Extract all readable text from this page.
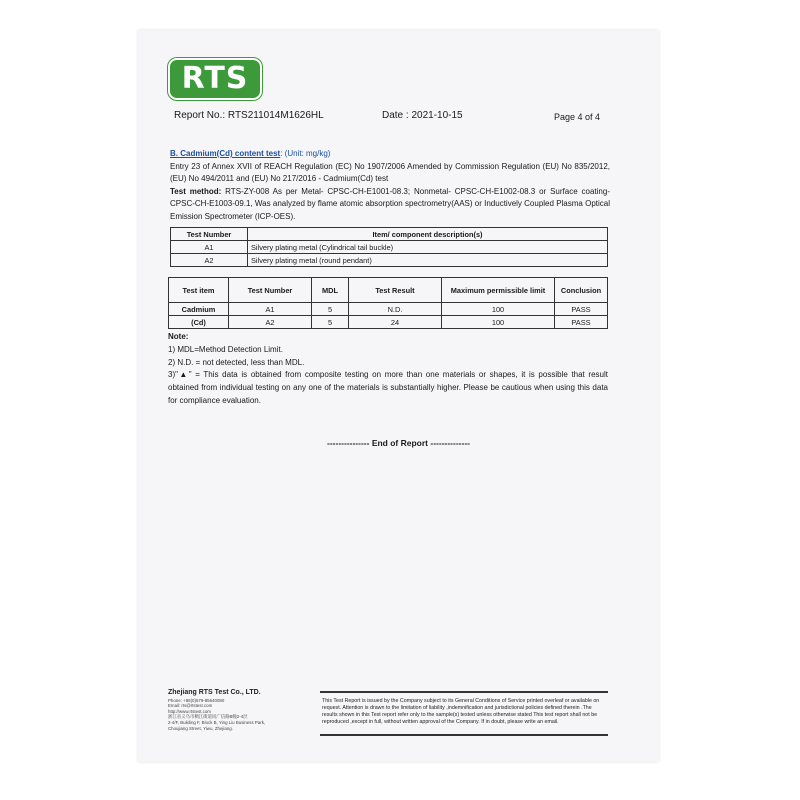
RTS
Report No.: RTS211014M1626HL	Date : 2021-10-15	Page 4 of 4
B. Cadmium(Cd) content test: (Unit: mg/kg)
Entry 23 of Annex XVII of REACH Regulation (EC) No 1907/2006 Amended by Commission Regulation (EU) No 835/2012, (EU) No 494/2011 and (EU) No 217/2016 - Cadmium(Cd) test
Test method: RTS-ZY-008 As per Metal- CPSC-CH-E1001-08.3; Nonmetal- CPSC-CH-E1002-08.3 or Surface coating- CPSC-CH-E1003-09.1, Was analyzed by flame atomic absorption spectrometry(AAS) or Inductively Coupled Plasma Optical Emission Spectrometer (ICP-OES).
Test Number	Item/ component description(s)
A1	Silvery plating metal (Cylindrical tail buckle)
A2	Silvery plating metal (round pendant)
Test item	Test Number	MDL	Test Result	Maximum permissible limit	Conclusion
Cadmium	A1	5	N.D.	100	PASS
(Cd)	A2	5	24	100	PASS
Note:
1) MDL=Method Detection Limit.
2) N.D. = not detected, less than MDL.
3)"▲" = This data is obtained from composite testing on more than one materials or shapes, it is possible that result obtained from individual testing on any one of the materials is substantially higher. Please be cautious when using this data for compliance evaluation.
--------------- End of Report --------------
Zhejiang RTS Test Co., LTD.
Phone: +86(0)579-85640080
Email: rts@rtstest.com
http://www.rtstest.com
浙江省义乌市稠江街道同广信路B幢2-4层
2-4/F, Building F, Block B, Ying Liu Business Park,
Choujiang Street, Yiwu, Zhejiang.
This Test Report is issued by the Company subject to its General Conditions of Service printed overleaf or available on request. Attention is drawn to the limitation of liability ,indemnification and jurisdictional policies defined therein .The results shown in this Test report refer only to the sample(s) tested unless otherwise stated This test report shall not be reproduced ,except in full, without written approval of the Company. If in doubt, please write an email.
